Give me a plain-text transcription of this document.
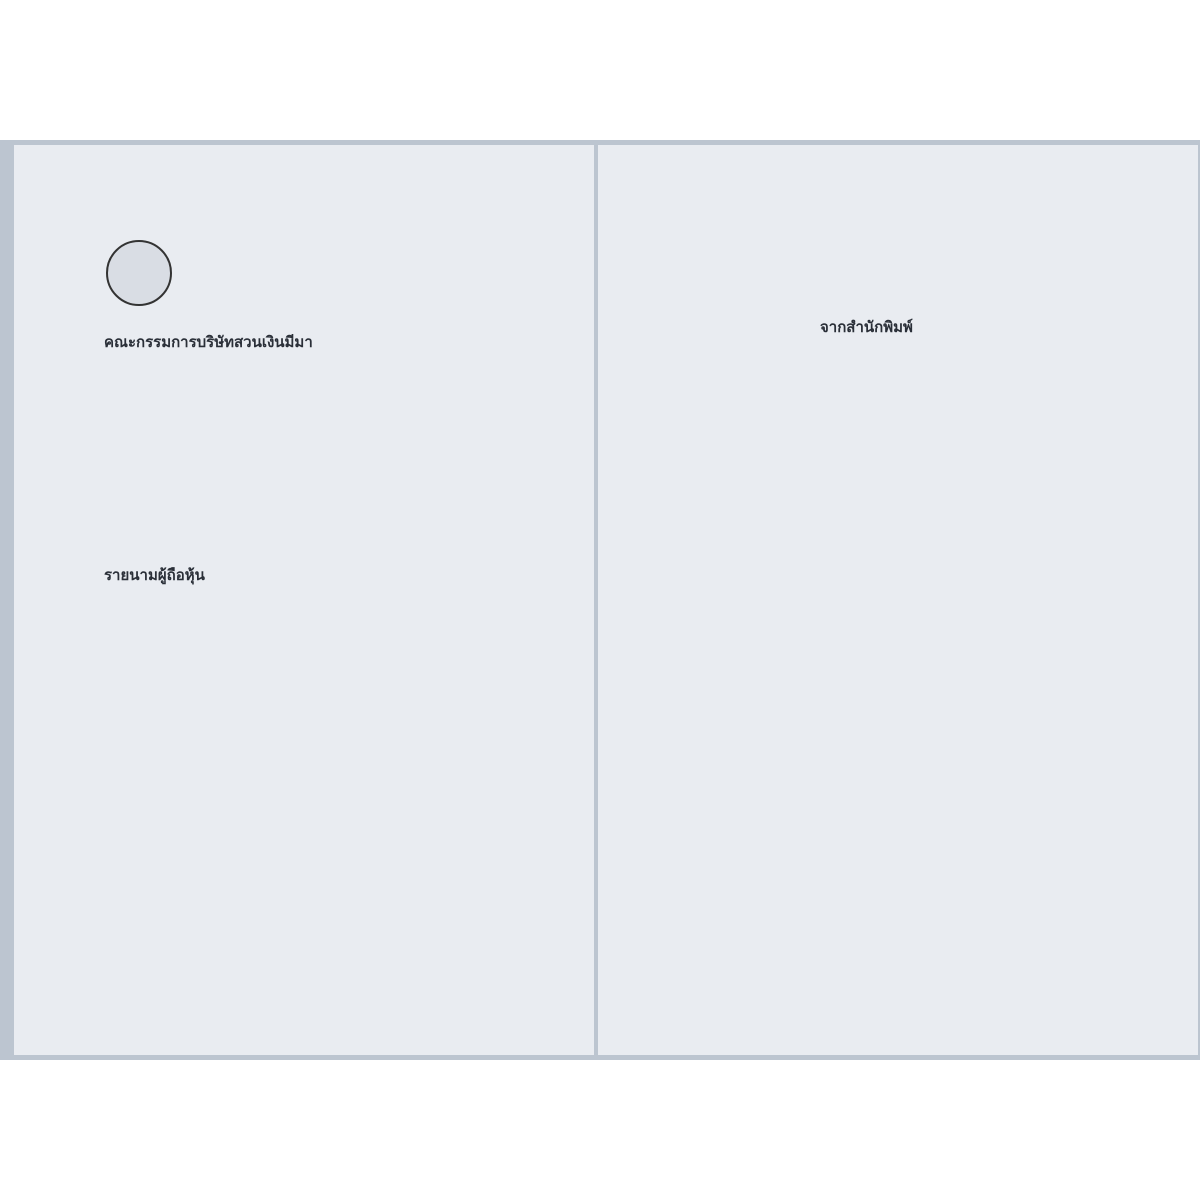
คณะกรรมการบริษัทสวนเงินมีมา
รายนามผู้ถือหุ้น
จากสำนักพิมพ์
